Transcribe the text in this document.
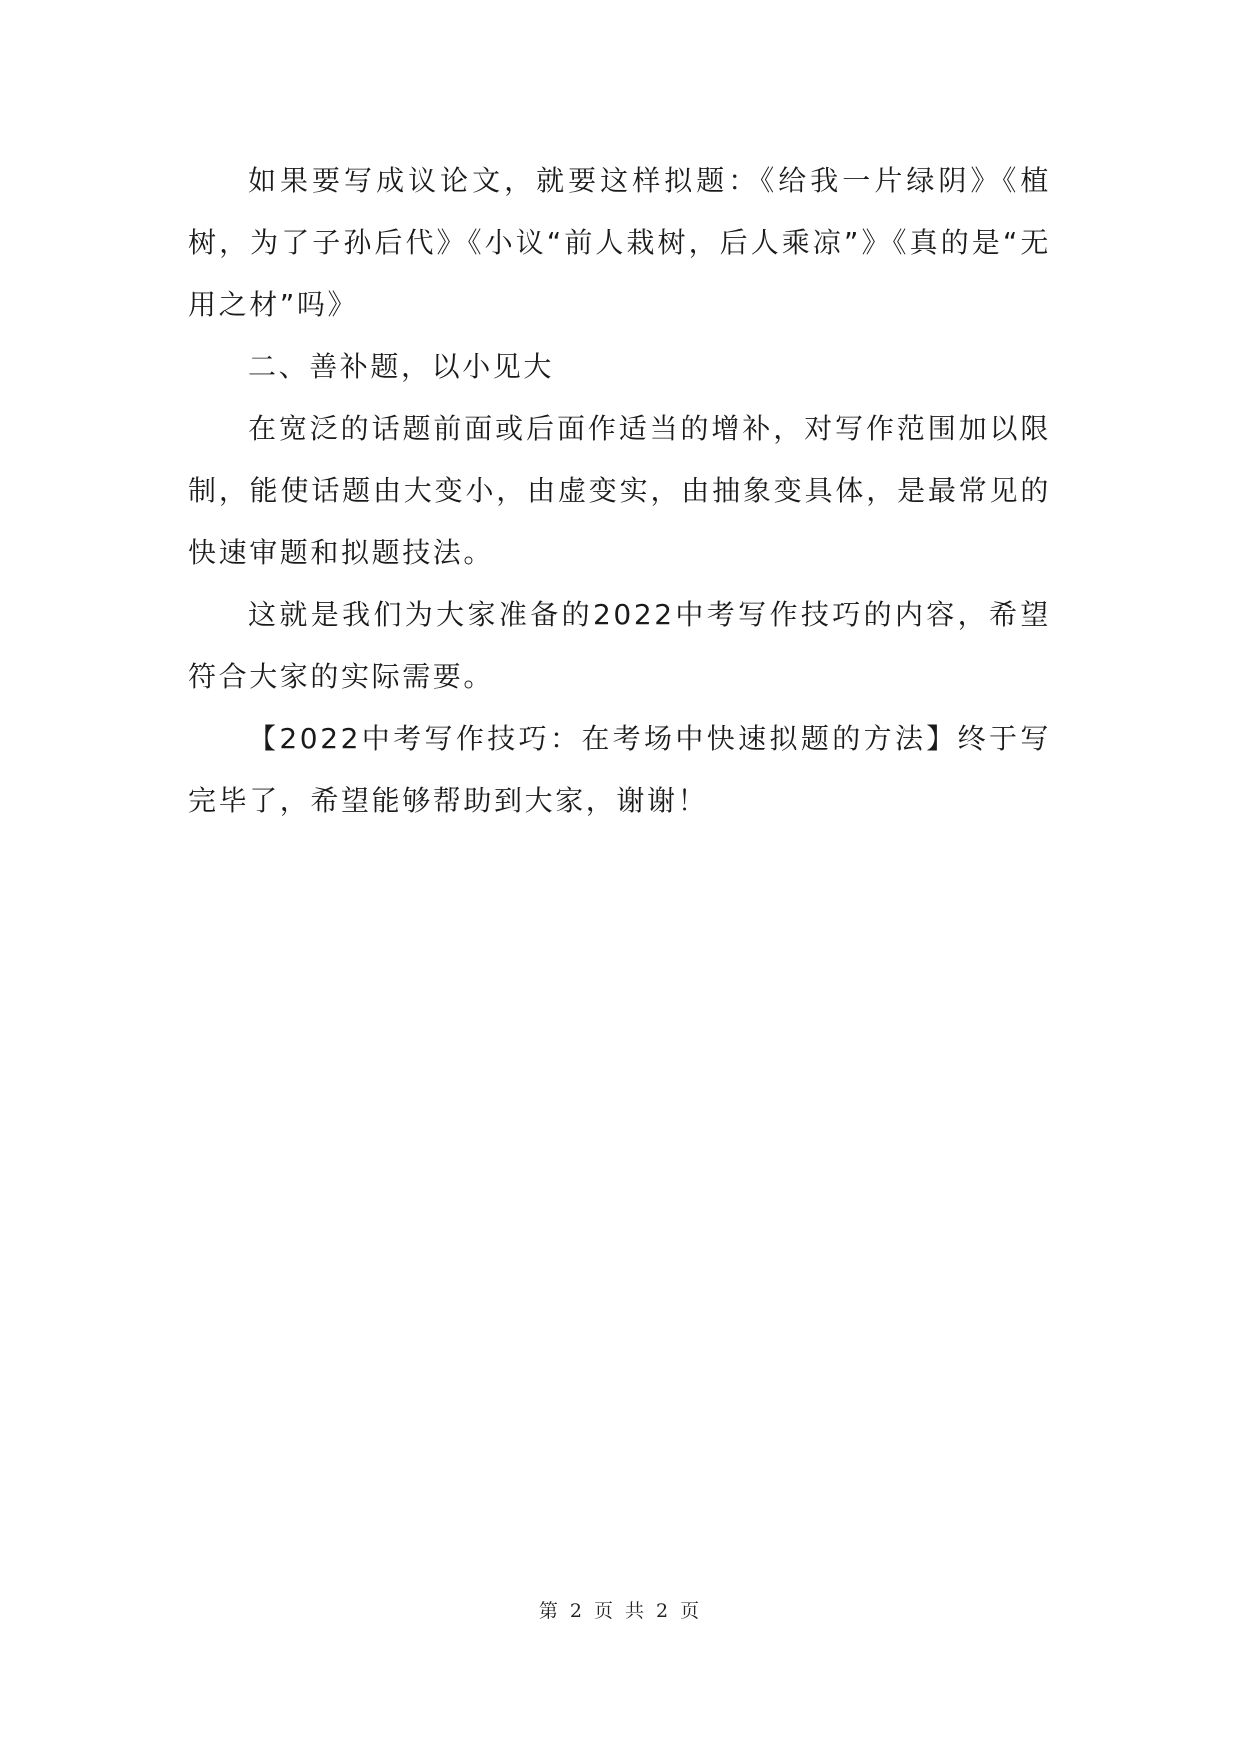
如果要写成议论文，就要这样拟题：《给我一片绿阴》《植树，为了子孙后代》《小议“前人栽树，后人乘凉”》《真的是“无用之材”吗》

二、善补题，以小见大

在宽泛的话题前面或后面作适当的增补，对写作范围加以限制，能使话题由大变小，由虚变实，由抽象变具体，是最常见的快速审题和拟题技法。

这就是我们为大家准备的2022中考写作技巧的内容，希望符合大家的实际需要。

【2022中考写作技巧：在考场中快速拟题的方法】终于写完毕了，希望能够帮助到大家，谢谢！

第 2 页 共 2 页
